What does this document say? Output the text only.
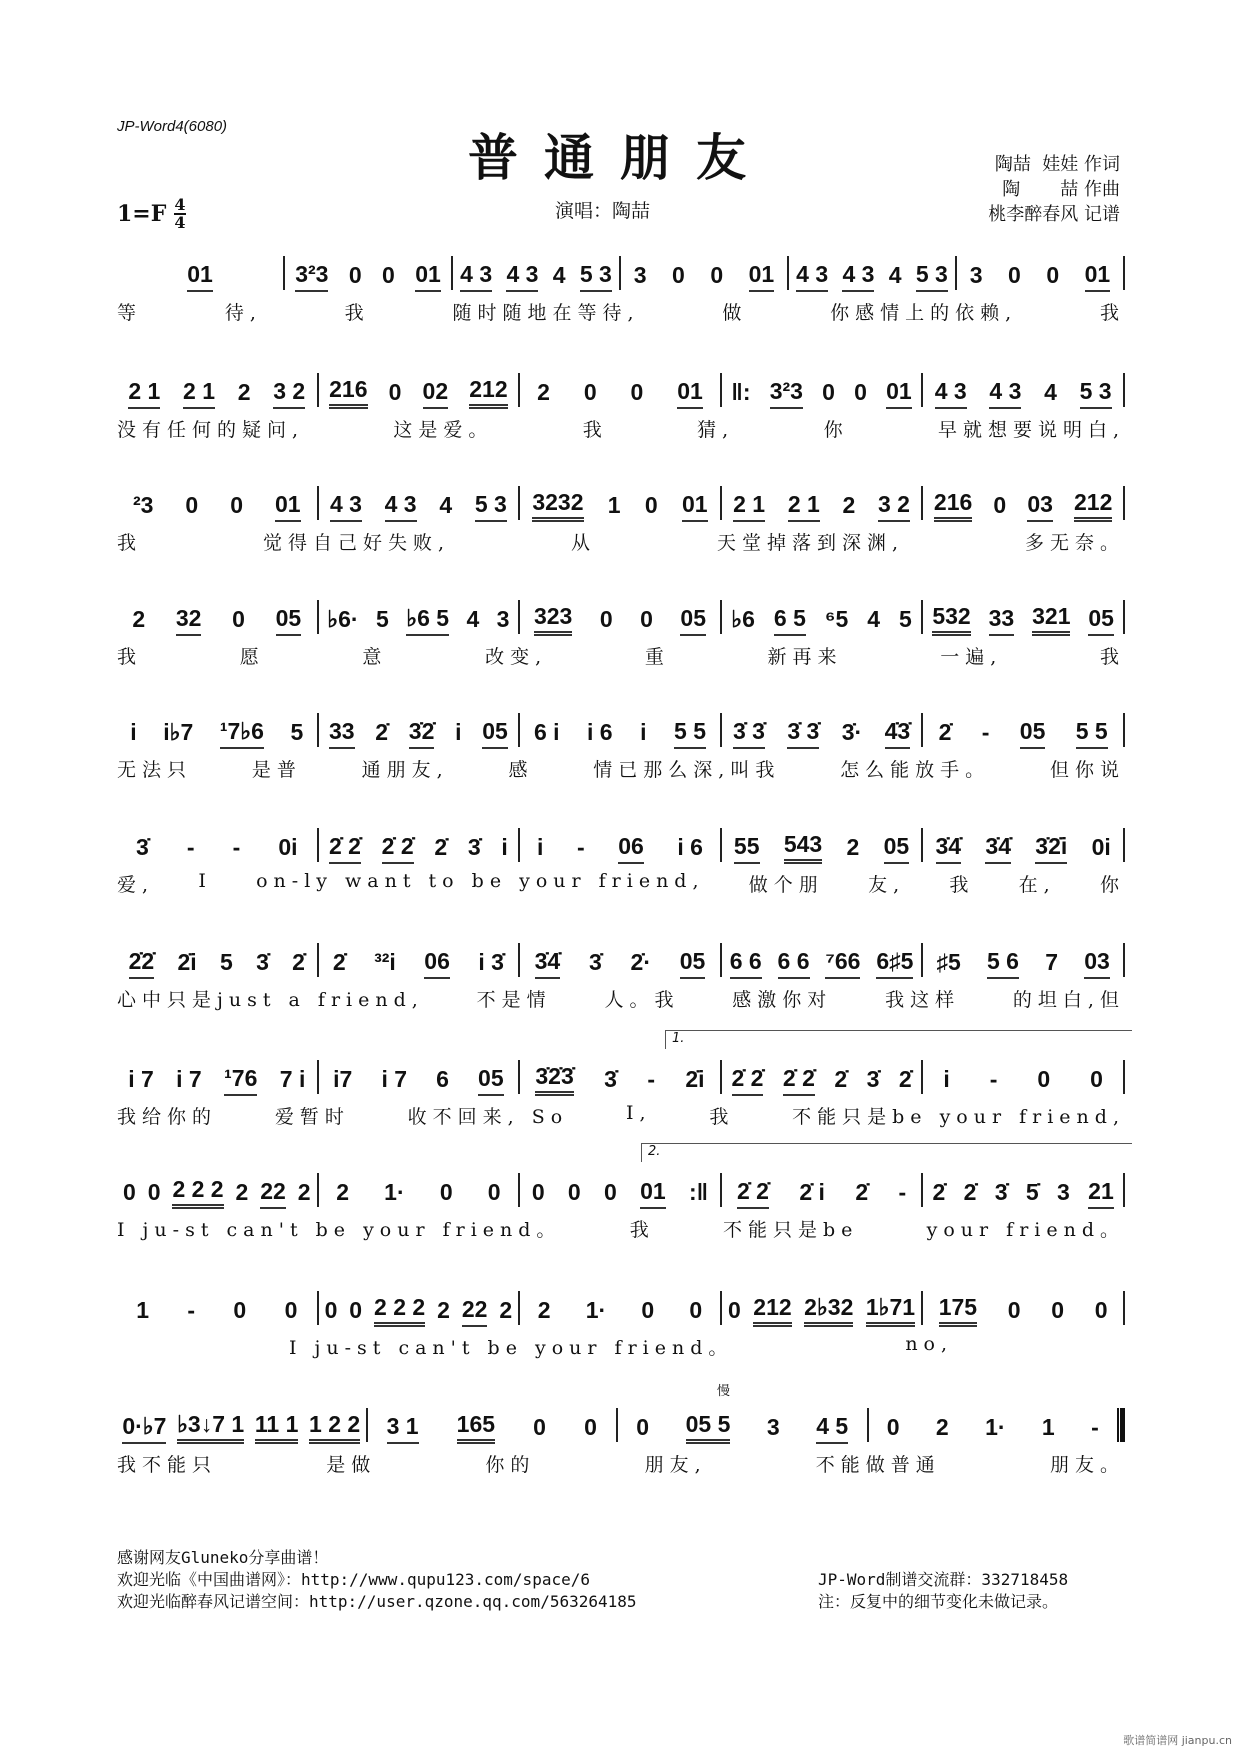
JP-Word4(6080)
普通朋友
演唱：陶喆
陶喆  娃娃 作词
陶       喆 作曲
桃李醉春风 记谱
1=F 4
4
01	3²3 0 0 01 4 3 4 3 4 5 3 3 0 0 01 4 3 4 3 4 5 3 3 0 0 01
等	待,	我	随时随地在等待,	做	你感情上的依赖,	我
2 1 2 1 2 3 2 216 0 02 212 2 0 0 01 ‖: 3²3 0 0 01 4 3 4 3 4 5 3
没有任何的疑问,	这是爱。	我	猜,	你	早就想要说明白,
²3 0 0 01 4 3 4 3 4 5 3 3232 1 0 01 2 1 2 1 2 3 2 216 0 03 212
我	觉得自己好失败,	从	天堂掉落到深渊,	多无奈。
2 32 0 05 ♭6· 5 ♭6 5 4 3 323 0 0 05 ♭6 6 5 ⁶5 4 5 532 33 321 05
我	愿	意	改变,	重	新再来	一遍,	我
i i♭7 ¹7♭6 5 33 2̇ 3̇2̇ i 05 6 i i 6 i 5 5 3̇ 3̇ 3̇ 3̇ 3̇· 4̇3̇ 2̇ - 05 5 5
无法只	是普	通朋友,	感	情已那么深,叫我	怎么能放手。	但你说
3̇ - - 0i 2̇ 2̇ 2̇ 2̇ 2̇ 3̇ i i - 06 i 6 55 543 2 05 3̇4̇ 3̇4̇ 3̇2̇i 0i
爱, I on-ly want to be your friend, 做个朋 友, 我 在, 你
2̇2̇ 2̇i 5 3̇ 2̇ 2̇ ³²i 06 i 3̇ 3̇4̇ 3̇ 2̇· 05 6 6 6 6 ⁷66 6♯5 ♯5 5 6 7 03
心中只是just a friend,	不是情	人。我	感激你对	我这样	的坦白,但
1.
i 7 i 7 ¹76 7 i i7 i 7 6 05 3̇2̇3̇ 3̇ - 2̇i 2̇ 2̇ 2̇ 2̇ 2̇ 3̇ 2̇ i - 0 0
我给你的	爱暂时	收不回来, So	I,	我	不能只是be your friend,
2.
0 0 2 2 2 2 22 2 2 1· 0 0 0 0 0 01 :‖ 2̇ 2̇ 2̇ i 2̇ - 2̇ 2̇ 3̇ 5̇ 3 21
I ju-st can't be your friend。	我	不能只是be	your friend。
1 - 0 0 0 0 2 2 2 2 22 2 2 1· 0 0 0 212 2♭32 1♭71 175 0 0 0
I ju-st can't be your friend。	no,
慢
0·♭7 ♭3↓7 1 11 1 1 2 2 3 1 165 0 0 0 05 5 3 4 5 0 2 1· 1 -
我不能只	是做	你的	朋友,	不能做普通	朋友。
感谢网友Gluneko分享曲谱！
欢迎光临《中国曲谱网》：http://www.qupu123.com/space/6
欢迎光临醉春风记谱空间：http://user.qzone.qq.com/563264185
JP-Word制谱交流群：332718458
注：反复中的细节变化未做记录。
歌谱简谱网 jianpu.cn
